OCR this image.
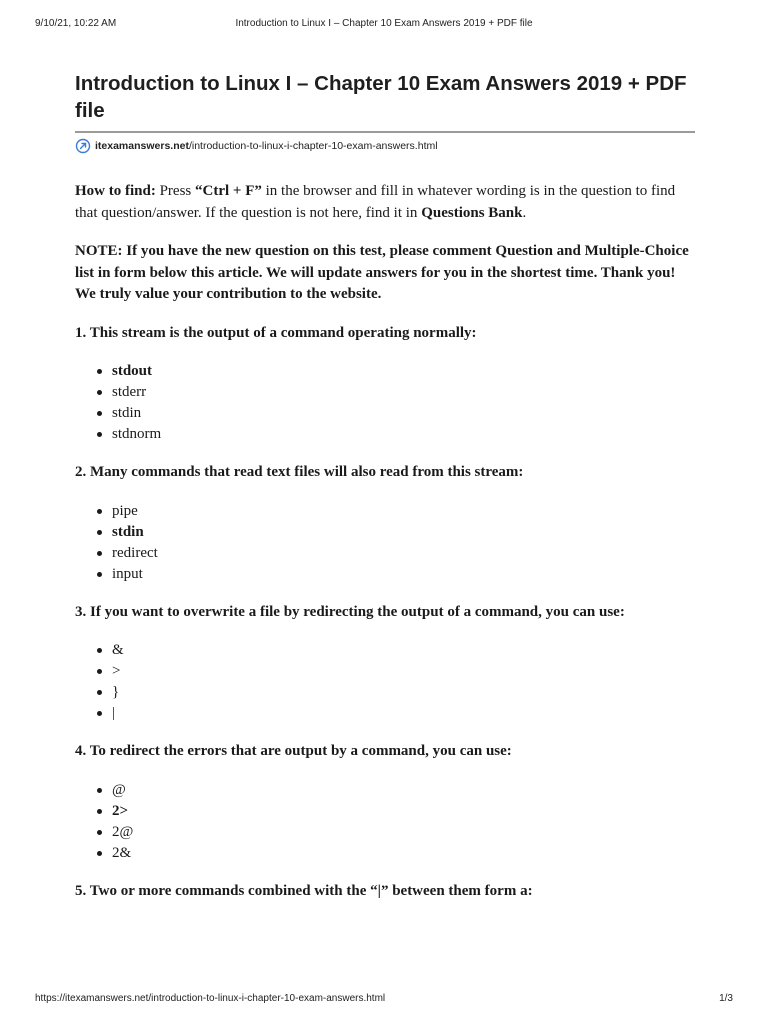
9/10/21, 10:22 AM	Introduction to Linux I – Chapter 10 Exam Answers 2019 + PDF file
Introduction to Linux I – Chapter 10 Exam Answers 2019 + PDF file
itexamanswers.net /introduction-to-linux-i-chapter-10-exam-answers.html

How to find: Press “Ctrl + F” in the browser and fill in whatever wording is in the question to find that question/answer. If the question is not here, find it in Questions Bank.

NOTE: If you have the new question on this test, please comment Question and Multiple-Choice list in form below this article. We will update answers for you in the shortest time. Thank you! We truly value your contribution to the website.

1. This stream is the output of a command operating normally:

stdout
stderr
stdin
stdnorm

2. Many commands that read text files will also read from this stream:

pipe
stdin
redirect
input

3. If you want to overwrite a file by redirecting the output of a command, you can use:

&
>
}
|

4. To redirect the errors that are output by a command, you can use:

@
2>
2@
2&

5. Two or more commands combined with the “|” between them form a:

https://itexamanswers.net/introduction-to-linux-i-chapter-10-exam-answers.html	1/3
